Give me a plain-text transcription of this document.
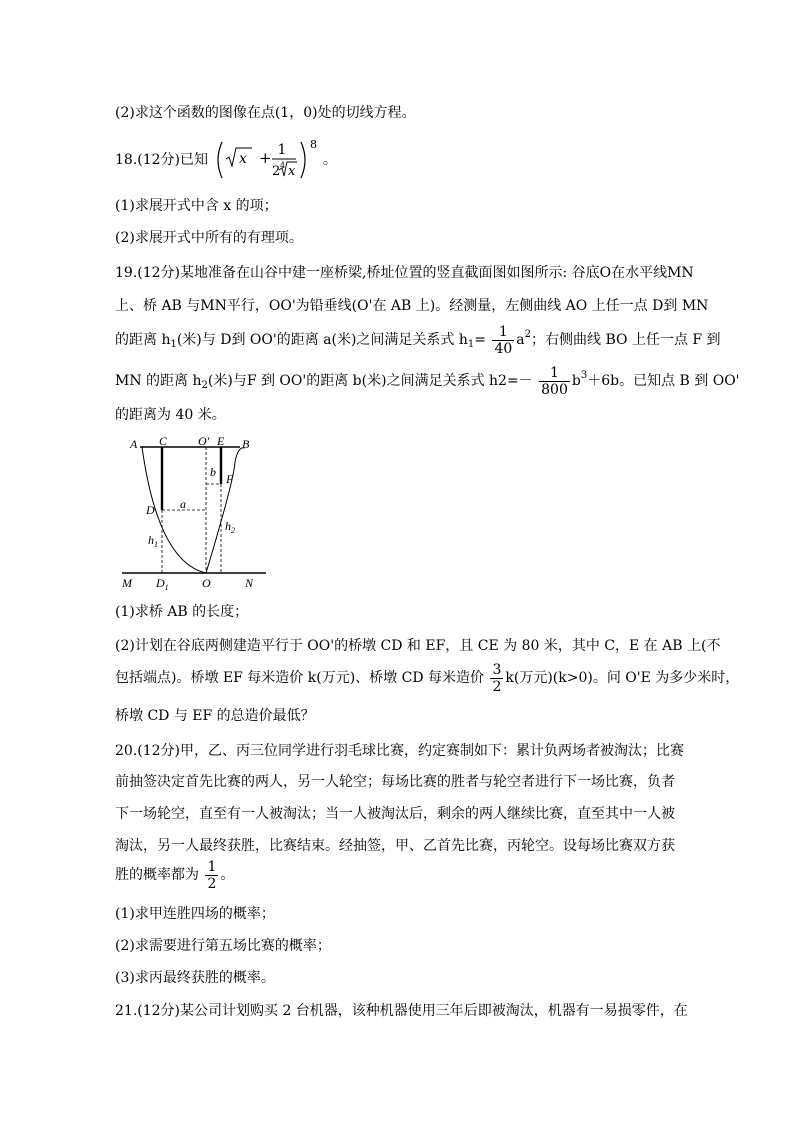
(2)求这个函数的图像在点(1，0)处的切线方程。
18.(12分)已知 x + 1
2 4 x
8
。
(1)求展开式中含 x 的项；
(2)求展开式中所有的有理项。
19.(12分)某地准备在山谷中建一座桥梁,桥址位置的竖直截面图如图所示: 谷底O在水平线MN
上、桥 AB 与MN平行，OO'为铅垂线(O'在 AB 上)。经测量，左侧曲线 AO 上任一点 D到 MN
的距离 $h_1$(米)与 D到 OO'的距离 a(米)之间满足关系式 $h_1= \frac{1}{40} a^2$；右侧曲线 BO 上任一点 F 到
MN 的距离 $h_2$(米)与F 到 OO'的距离 b(米)之间满足关系式 $h2=- \frac{1}{800} b^3+6b$。已知点 B 到 OO'
的距离为 40 米。
A C	O' E B
b F
D a
$h_1$
$h_2$
M $D_1$	O	N
(1)求桥 AB 的长度；
(2)计划在谷底两侧建造平行于 OO'的桥墩 CD 和 EF，且 CE 为 80 米，其中 C，E 在 AB 上(不
包括端点)。桥墩 EF 每米造价 k(万元)、桥墩 CD 每米造价 $\frac{3}{2} k$(万元)(k>0)。问 O'E 为多少米时，
桥墩 CD 与 EF 的总造价最低？
20.(12分)甲，乙、丙三位同学进行羽毛球比赛，约定赛制如下：累计负两场者被淘汰；比赛
前抽签决定首先比赛的两人，另一人轮空；每场比赛的胜者与轮空者进行下一场比赛，负者
下一场轮空，直至有一人被淘汰；当一人被淘汰后，剩余的两人继续比赛，直至其中一人被
淘汰，另一人最终获胜，比赛结束。经抽签，甲、乙首先比赛，丙轮空。设每场比赛双方获
胜的概率都为 $\frac{1}{2}$ 。
(1)求甲连胜四场的概率；
(2)求需要进行第五场比赛的概率；
(3)求丙最终获胜的概率。
21.(12分)某公司计划购买 2 台机器，该种机器使用三年后即被淘汰，机器有一易损零件，在
